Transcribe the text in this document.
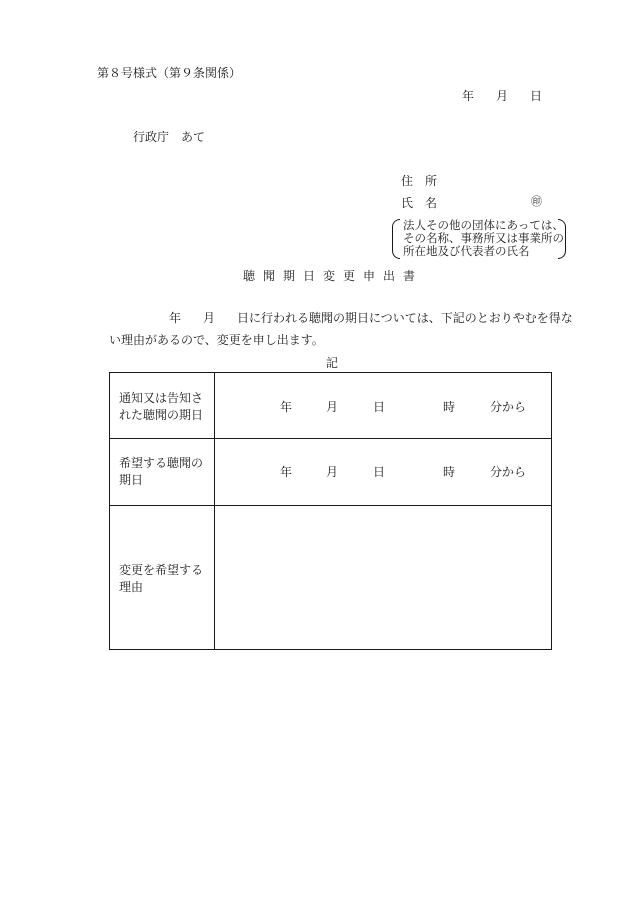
第８号様式（第９条関係）
年 月 日
行政庁　あて
住　所
氏　名	㊞
法人その他の団体にあっては、
その名称、事務所又は事業所の
所在地及び代表者の氏名
聴聞期日変更申出書
年 月 日に行われる聴聞の期日については、下記のとおりやむを得な
い理由があるので、変更を申し出ます。
記
通知又は告知さ
れた聴聞の期日
年	月	日	時	分から
希望する聴聞の
期日
年	月	日	時	分から
変更を希望する
理由
